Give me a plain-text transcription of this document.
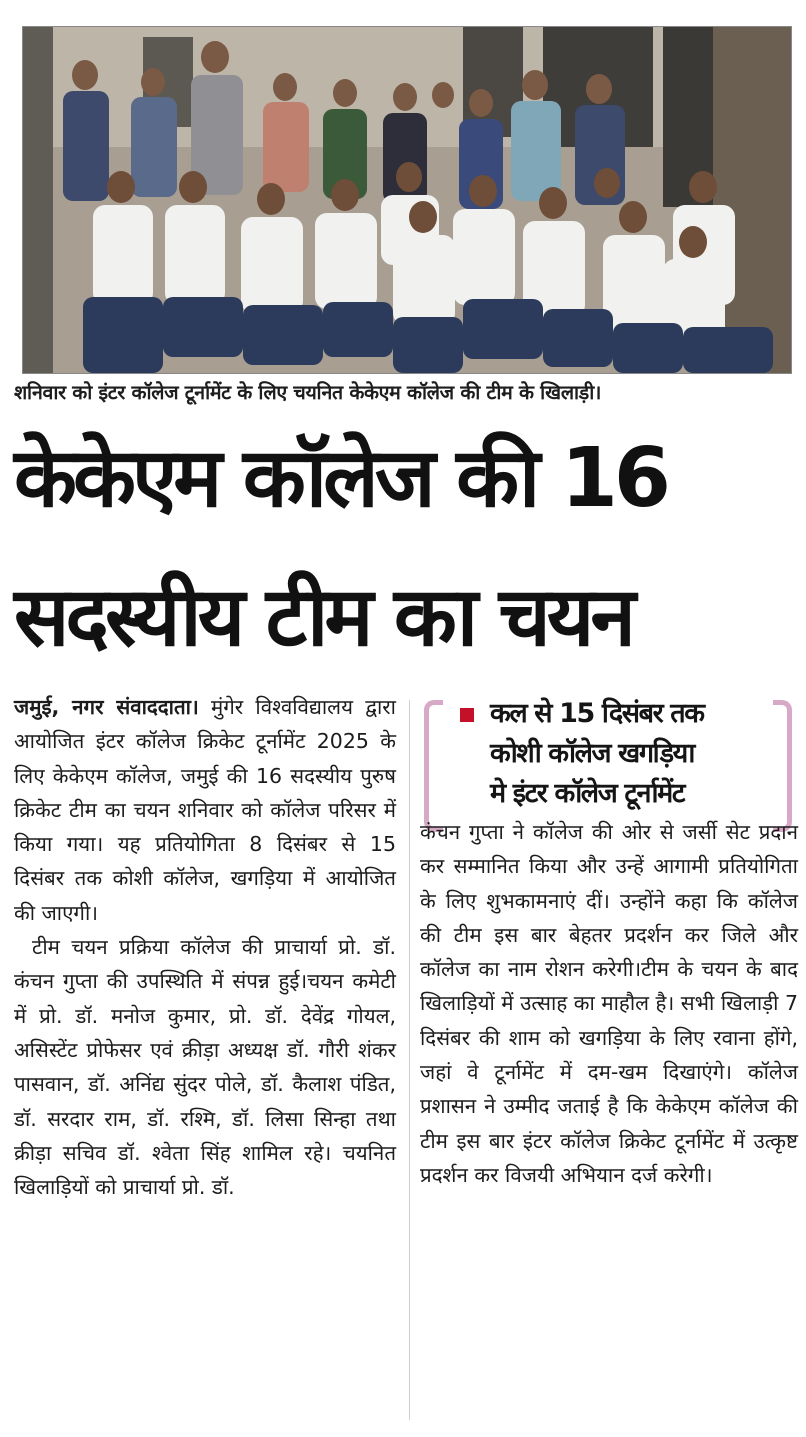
शनिवार को इंटर कॉलेज टूर्नामेंट के लिए चयनित केकेएम कॉलेज की टीम के खिलाड़ी।
केकेएम कॉलेज की 16
सदस्यीय टीम का चयन

जमुई, नगर संवाददाता। मुंगेर विश्वविद्यालय द्वारा आयोजित इंटर कॉलेज क्रिकेट टूर्नामेंट 2025 के लिए केकेएम कॉलेज, जमुई की 16 सदस्यीय पुरुष क्रिकेट टीम का चयन शनिवार को कॉलेज परिसर में किया गया। यह प्रतियोगिता 8 दिसंबर से 15 दिसंबर तक कोशी कॉलेज, खगड़िया में आयोजित की जाएगी।

टीम चयन प्रक्रिया कॉलेज की प्राचार्या प्रो. डॉ. कंचन गुप्ता की उपस्थिति में संपन्न हुई।चयन कमेटी में प्रो. डॉ. मनोज कुमार, प्रो. डॉ. देवेंद्र गोयल, असिस्टेंट प्रोफेसर एवं क्रीड़ा अध्यक्ष डॉ. गौरी शंकर पासवान, डॉ. अनिंद्य सुंदर पोले, डॉ. कैलाश पंडित, डॉ. सरदार राम, डॉ. रश्मि, डॉ. लिसा सिन्हा तथा क्रीड़ा सचिव डॉ. श्वेता सिंह शामिल रहे। चयनित खिलाड़ियों को प्राचार्या प्रो. डॉ.

कल से 15 दिसंबर तक
कोशी कॉलेज खगड़िया
मे इंटर कॉलेज टूर्नामेंट

कंचन गुप्ता ने कॉलेज की ओर से जर्सी सेट प्रदान कर सम्मानित किया और उन्हें आगामी प्रतियोगिता के लिए शुभकामनाएं दीं। उन्होंने कहा कि कॉलेज की टीम इस बार बेहतर प्रदर्शन कर जिले और कॉलेज का नाम रोशन करेगी।टीम के चयन के बाद खिलाड़ियों में उत्साह का माहौल है। सभी खिलाड़ी 7 दिसंबर की शाम को खगड़िया के लिए रवाना होंगे, जहां वे टूर्नामेंट में दम-खम दिखाएंगे। कॉलेज प्रशासन ने उम्मीद जताई है कि केकेएम कॉलेज की टीम इस बार इंटर कॉलेज क्रिकेट टूर्नामेंट में उत्कृष्ट प्रदर्शन कर विजयी अभियान दर्ज करेगी।
